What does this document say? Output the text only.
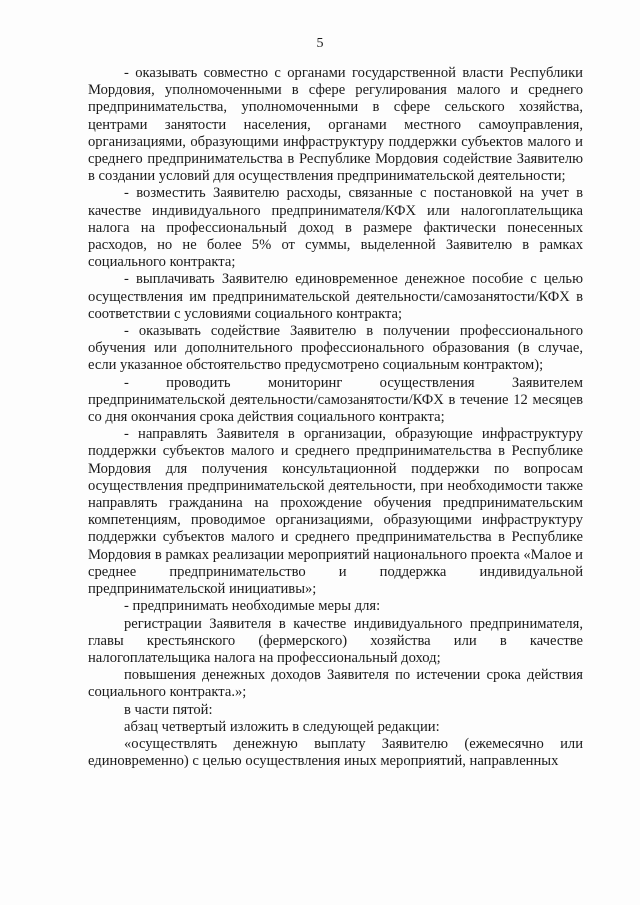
5

- оказывать совместно с органами государственной власти Республики Мордовия, уполномоченными в сфере регулирования малого и среднего предпринимательства, уполномоченными в сфере сельского хозяйства, центрами занятости населения, органами местного самоуправления, организациями, образующими инфраструктуру поддержки субъектов малого и среднего предпринимательства в Республике Мордовия содействие Заявителю в создании условий для осуществления предпринимательской деятельности;

- возместить Заявителю расходы, связанные с постановкой на учет в качестве индивидуального предпринимателя/КФХ или налогоплательщика налога на профессиональный доход в размере фактически понесенных расходов, но не более 5% от суммы, выделенной Заявителю в рамках социального контракта;

- выплачивать Заявителю единовременное денежное пособие с целью осуществления им предпринимательской деятельности/самозанятости/КФХ в соответствии с условиями социального контракта;

- оказывать содействие Заявителю в получении профессионального обучения или дополнительного профессионального образования (в случае, если указанное обстоятельство предусмотрено социальным контрактом);

- проводить мониторинг осуществления Заявителем предпринимательской деятельности/самозанятости/КФХ в течение 12 месяцев со дня окончания срока действия социального контракта;

- направлять Заявителя в организации, образующие инфраструктуру поддержки субъектов малого и среднего предпринимательства в Республике Мордовия для получения консультационной поддержки по вопросам осуществления предпринимательской деятельности, при необходимости также направлять гражданина на прохождение обучения предпринимательским компетенциям, проводимое организациями, образующими инфраструктуру поддержки субъектов малого и среднего предпринимательства в Республике Мордовия в рамках реализации мероприятий национального проекта «Малое и среднее предпринимательство и поддержка индивидуальной предпринимательской инициативы»;

- предпринимать необходимые меры для:

регистрации Заявителя в качестве индивидуального предпринимателя, главы крестьянского (фермерского) хозяйства или в качестве налогоплательщика налога на профессиональный доход;

повышения денежных доходов Заявителя по истечении срока действия социального контракта.»;

в части пятой:

абзац четвертый изложить в следующей редакции:

«осуществлять денежную выплату Заявителю (ежемесячно или единовременно) с целью осуществления иных мероприятий, направленных
